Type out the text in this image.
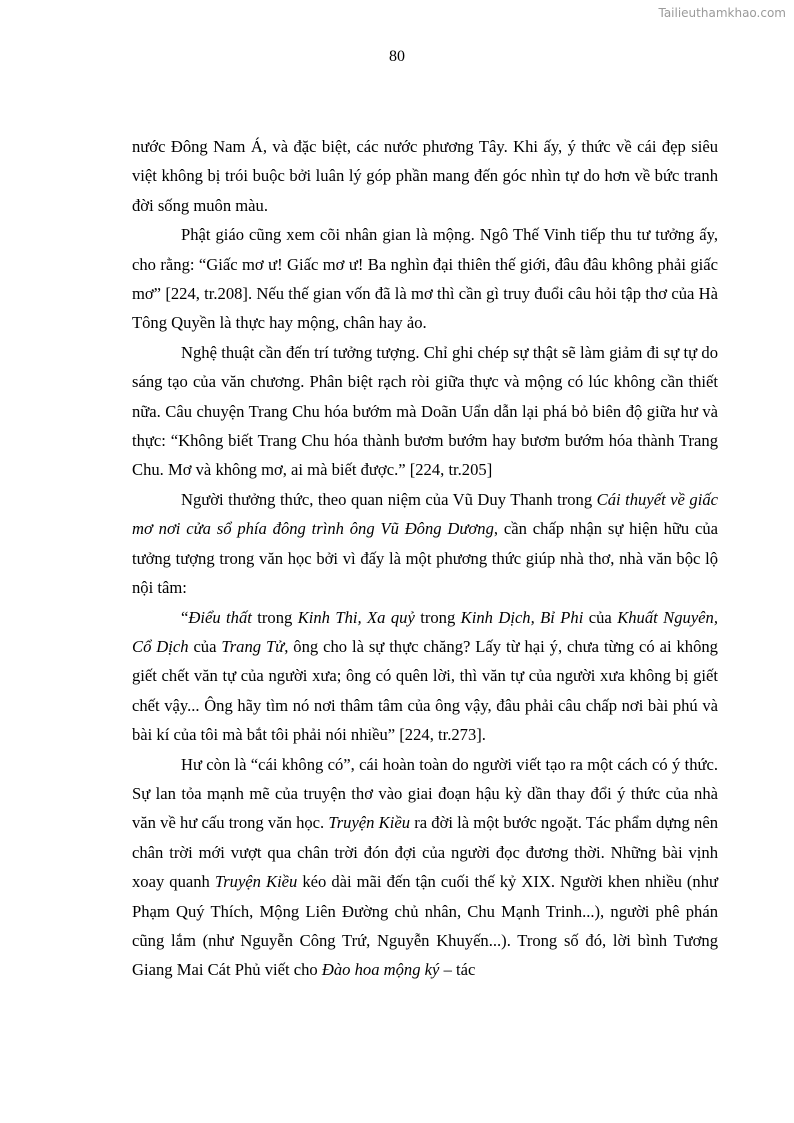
Tailieuthamkhao.com
80

nước Đông Nam Á, và đặc biệt, các nước phương Tây. Khi ấy, ý thức về cái đẹp siêu việt không bị trói buộc bởi luân lý góp phần mang đến góc nhìn tự do hơn về bức tranh đời sống muôn màu.

Phật giáo cũng xem cõi nhân gian là mộng. Ngô Thế Vinh tiếp thu tư tưởng ấy, cho rằng: “Giấc mơ ư! Giấc mơ ư! Ba nghìn đại thiên thế giới, đâu đâu không phải giấc mơ” [224, tr.208]. Nếu thế gian vốn đã là mơ thì cần gì truy đuổi câu hỏi tập thơ của Hà Tông Quyền là thực hay mộng, chân hay ảo.

Nghệ thuật cần đến trí tưởng tượng. Chỉ ghi chép sự thật sẽ làm giảm đi sự tự do sáng tạo của văn chương. Phân biệt rạch ròi giữa thực và mộng có lúc không cần thiết nữa. Câu chuyện Trang Chu hóa bướm mà Doãn Uẩn dẫn lại phá bỏ biên độ giữa hư và thực: “Không biết Trang Chu hóa thành bươm bướm hay bươm bướm hóa thành Trang Chu. Mơ và không mơ, ai mà biết được.” [224, tr.205]

Người thưởng thức, theo quan niệm của Vũ Duy Thanh trong Cái thuyết về giấc mơ nơi cửa sổ phía đông trình ông Vũ Đông Dương, cần chấp nhận sự hiện hữu của tưởng tượng trong văn học bởi vì đấy là một phương thức giúp nhà thơ, nhà văn bộc lộ nội tâm:

“Điểu thất trong Kinh Thi, Xa quỷ trong Kinh Dịch, Bỉ Phi của Khuất Nguyên, Cổ Dịch của Trang Tử, ông cho là sự thực chăng? Lấy từ hại ý, chưa từng có ai không giết chết văn tự của người xưa; ông có quên lời, thì văn tự của người xưa không bị giết chết vậy... Ông hãy tìm nó nơi thâm tâm của ông vậy, đâu phải câu chấp nơi bài phú và bài kí của tôi mà bắt tôi phải nói nhiều” [224, tr.273].

Hư còn là “cái không có”, cái hoàn toàn do người viết tạo ra một cách có ý thức. Sự lan tỏa mạnh mẽ của truyện thơ vào giai đoạn hậu kỳ dần thay đổi ý thức của nhà văn về hư cấu trong văn học. Truyện Kiều ra đời là một bước ngoặt. Tác phẩm dựng nên chân trời mới vượt qua chân trời đón đợi của người đọc đương thời. Những bài vịnh xoay quanh Truyện Kiều kéo dài mãi đến tận cuối thế kỷ XIX. Người khen nhiều (như Phạm Quý Thích, Mộng Liên Đường chủ nhân, Chu Mạnh Trinh...), người phê phán cũng lắm (như Nguyễn Công Trứ, Nguyễn Khuyến...). Trong số đó, lời bình Tương Giang Mai Cát Phủ viết cho Đào hoa mộng ký – tác
